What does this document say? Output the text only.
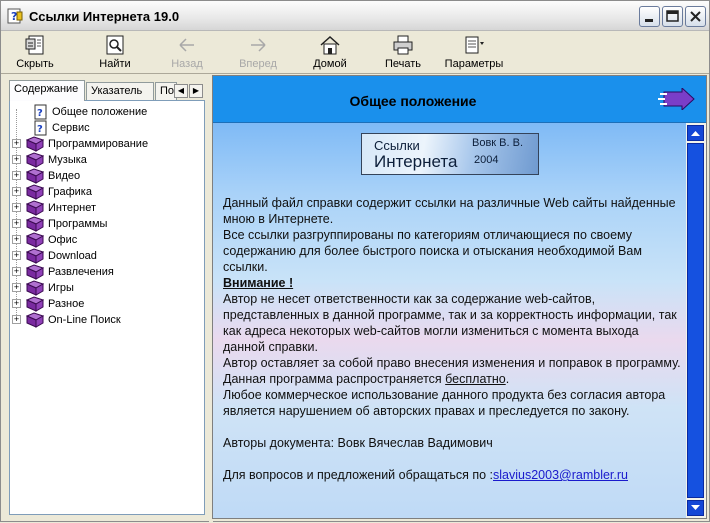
? Ссылки Интернета 19.0
Скрыть	Найти	Назад	Вперед	Домой	Печать	Параметры
Содержание	Указатель	По ◀	▶
? Общее положение
? Сервис
+	Программирование
+	Музыка
+	Видео
+	Графика
+	Интернет
+	Программы
+	Офис
+	Download
+	Развлечения
+	Игры
+	Разное
+	On-Line Поиск
Общее положение
Ссылки
Интернета
Вовк В. В.
2004

Данный файл справки содержит ссылки на различные Web сайты найденные мною в Интернете.

Все ссылки разгруппированы по категориям отличающиеся по своему содержанию для более быстрого поиска и отыскания необходимой Вам ссылки.

Внимание !

Автор не несет ответственности как за содержание web-сайтов, представленных в данной программе, так и за корректность информации, так как адреса некоторых web-сайтов могли измениться с момента выхода данной справки.

Автор оставляет за собой право внесения изменения и поправок в программу.

Данная программа распространяется бесплатно.

Любое коммерческое использование данного продукта без согласия автора является нарушением об авторских правах и преследуется по закону.

Авторы документа: Вовк Вячеслав Вадимович

Для вопросов и предложений обращаться по :slavius2003@rambler.ru
